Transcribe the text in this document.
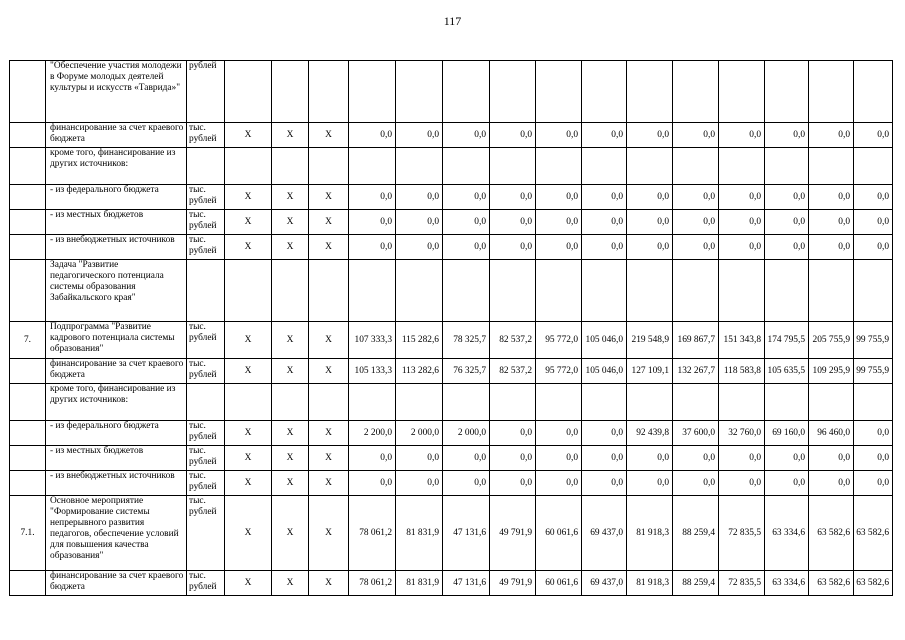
117
	"Обеспечение участия молодежи в Форуме молодых деятелей культуры и искусств «Таврида»"	рублей															
	финансирование за счет краевого бюджета	тыс. рублей	X	X	X	0,0	0,0	0,0	0,0	0,0	0,0	0,0	0,0	0,0	0,0	0,0	0,0
	кроме того, финансирование из других источников:																
	- из федерального бюджета	тыс. рублей	X	X	X	0,0	0,0	0,0	0,0	0,0	0,0	0,0	0,0	0,0	0,0	0,0	0,0
	- из местных бюджетов	тыс. рублей	X	X	X	0,0	0,0	0,0	0,0	0,0	0,0	0,0	0,0	0,0	0,0	0,0	0,0
	- из внебюджетных источников	тыс. рублей	X	X	X	0,0	0,0	0,0	0,0	0,0	0,0	0,0	0,0	0,0	0,0	0,0	0,0
	Задача "Развитие педагогического потенциала системы образования Забайкальского края"																
7.	Подпрограмма "Развитие кадрового потенциала системы образования"	тыс. рублей	X	X	X	107 333,3	115 282,6	78 325,7	82 537,2	95 772,0	105 046,0	219 548,9	169 867,7	151 343,8	174 795,5	205 755,9	99 755,9
	финансирование за счет краевого бюджета	тыс. рублей	X	X	X	105 133,3	113 282,6	76 325,7	82 537,2	95 772,0	105 046,0	127 109,1	132 267,7	118 583,8	105 635,5	109 295,9	99 755,9
	кроме того, финансирование из других источников:																
	- из федерального бюджета	тыс. рублей	X	X	X	2 200,0	2 000,0	2 000,0	0,0	0,0	0,0	92 439,8	37 600,0	32 760,0	69 160,0	96 460,0	0,0
	- из местных бюджетов	тыс. рублей	X	X	X	0,0	0,0	0,0	0,0	0,0	0,0	0,0	0,0	0,0	0,0	0,0	0,0
	- из внебюджетных источников	тыс. рублей	X	X	X	0,0	0,0	0,0	0,0	0,0	0,0	0,0	0,0	0,0	0,0	0,0	0,0
7.1.	Основное мероприятие "Формирование системы непрерывного развития педагогов, обеспечение условий для повышения качества образования"	тыс. рублей	X	X	X	78 061,2	81 831,9	47 131,6	49 791,9	60 061,6	69 437,0	81 918,3	88 259,4	72 835,5	63 334,6	63 582,6	63 582,6
	финансирование за счет краевого бюджета	тыс. рублей	X	X	X	78 061,2	81 831,9	47 131,6	49 791,9	60 061,6	69 437,0	81 918,3	88 259,4	72 835,5	63 334,6	63 582,6	63 582,6
